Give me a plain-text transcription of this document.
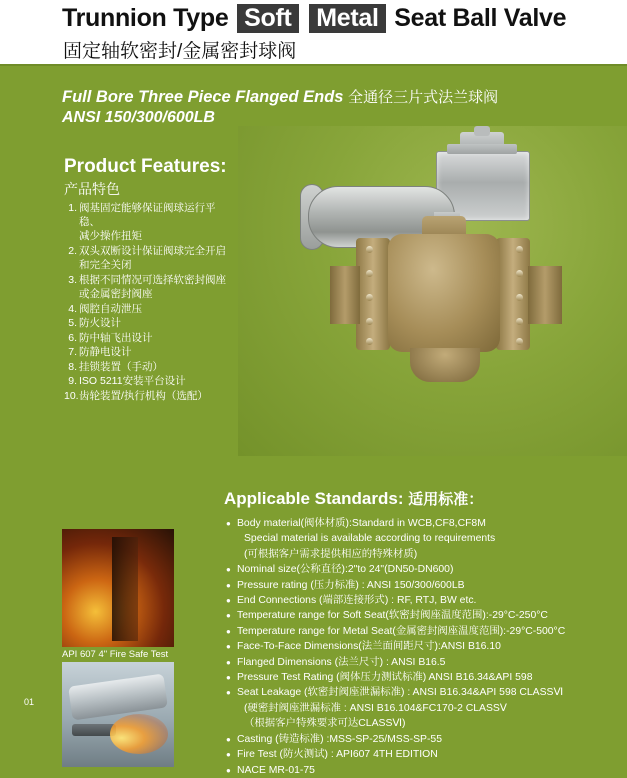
Trunnion Type Soft Metal Seat Ball Valve
固定轴软密封/金属密封球阀
Full Bore Three Piece Flanged Ends 全通径三片式法兰球阀
ANSI 150/300/600LB
Product Features:
产品特色
1. 阀基固定能够保证阀球运行平稳、
减少操作扭矩
2. 双头双断设计保证阀球完全开启
和完全关闭
3. 根据不同情况可选择软密封阀座
或金属密封阀座
4. 阀腔自动泄压
5. 防火设计
6. 防中轴飞出设计
7. 防静电设计
8. 挂锁装置（手动）
9. ISO 5211安装平台设计
10. 齿轮装置/执行机构（选配）
API 607 4" Fire Safe Test
Applicable Standards: 适用标准：
● Body material(阀体材质):Standard in WCB,CF8,CF8M
Special material is available according to requirements
(可根据客户需求提供相应的特殊材质)
● Nominal size(公称直径):2"to 24"(DN50-DN600)
● Pressure rating (压力标准) : ANSI 150/300/600LB
● End Connections (端部连接形式) : RF, RTJ, BW etc.
● Temperature range for Soft Seat(软密封阀座温度范围):-29°C-250°C
● Temperature range for Metal Seat(金属密封阀座温度范围):-29°C-500°C
● Face-To-Face Dimensions(法兰面间距尺寸):ANSI B16.10
● Flanged Dimensions (法兰尺寸) : ANSI B16.5
● Pressure Test Rating (阀体压力测试标准) ANSI B16.34&API 598
● Seat Leakage (软密封阀座泄漏标准) : ANSI B16.34&API 598 CLASSⅥ
(硬密封阀座泄漏标准 : ANSI B16.104&FC170-2 CLASSⅤ
（根据客户特殊要求可达CLASSⅥ)
● Casting (铸造标准) :MSS-SP-25/MSS-SP-55
● Fire Test (防火测试) : API607 4TH EDITION
● NACE MR-01-75
01
